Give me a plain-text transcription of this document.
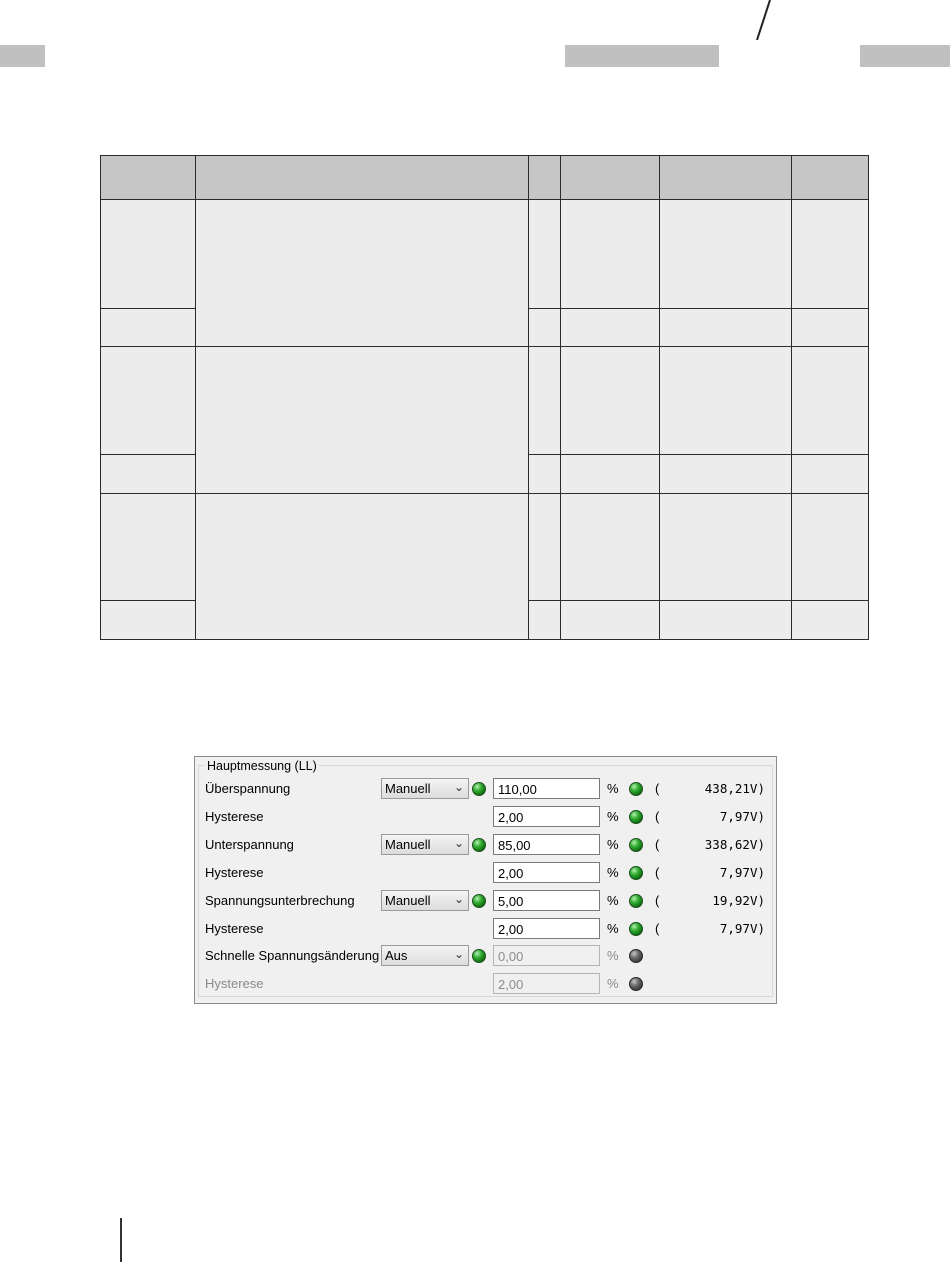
Hauptmessung (LL)
Überspannung	Manuell ⌄	110,00	%	(	438,21V)
Hysterese	2,00	%	(	7,97V)
Unterspannung	Manuell ⌄	85,00	%	(	338,62V)
Hysterese	2,00	%	(	7,97V)
Spannungsunterbrechung Manuell ⌄	5,00	%	(	19,92V)
Hysterese	2,00	%	(	7,97V)
Schnelle Spannungsänderung Aus	⌄	0,00	%
Hysterese	2,00	%
